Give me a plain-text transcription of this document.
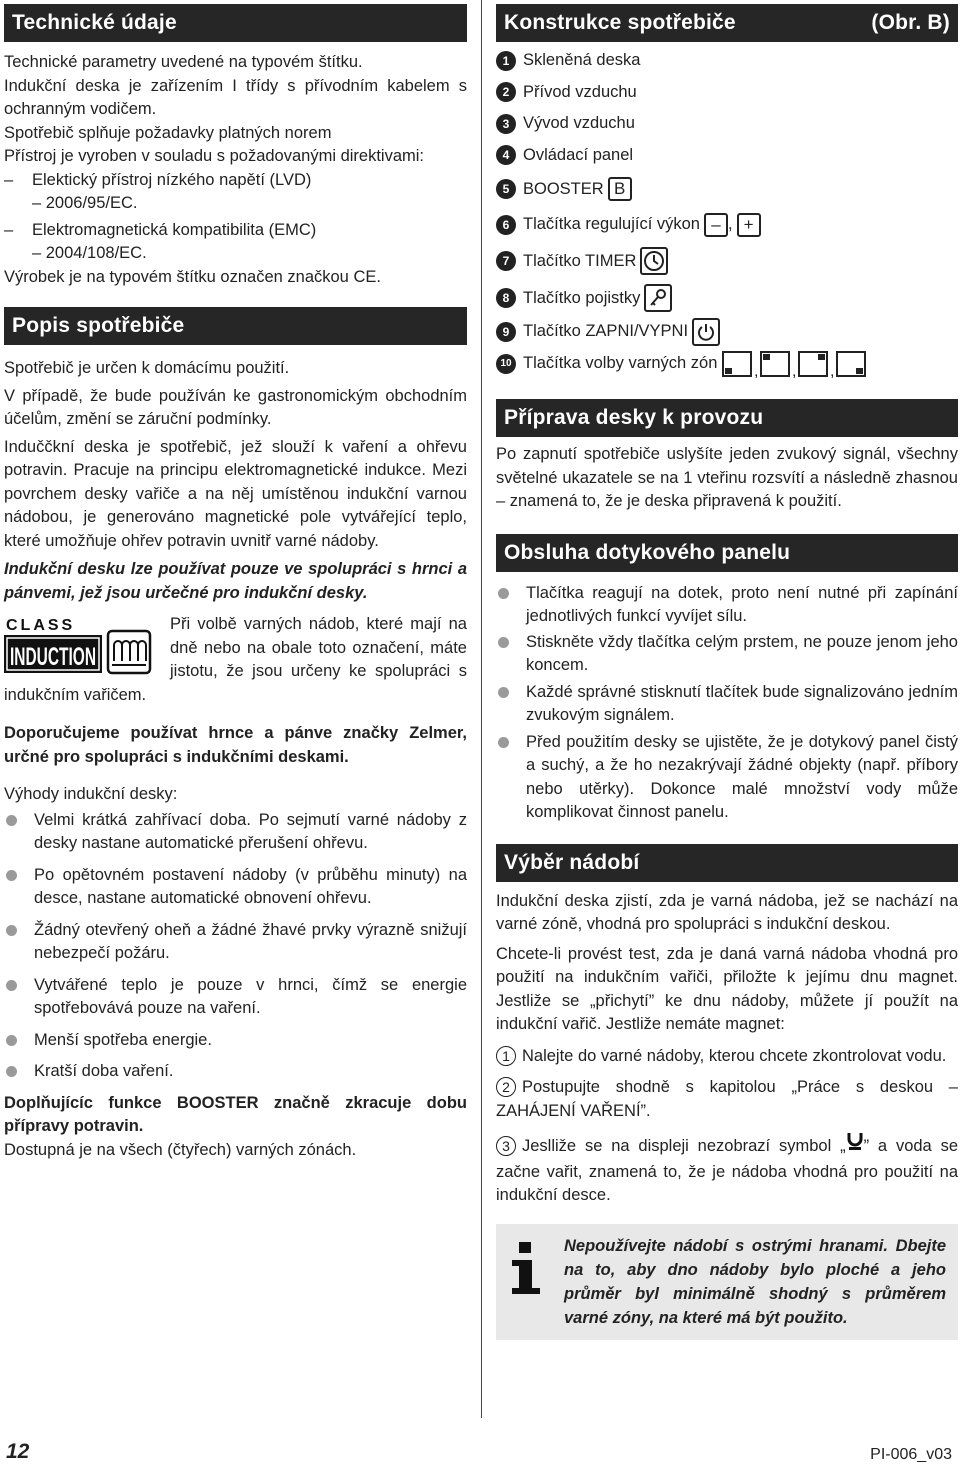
Technické údaje
Technické parametry uvedené na typovém štítku.

Indukční deska je zařízením I třídy s přívodním kabelem s ochranným vodičem.

Spotřebič splňuje požadavky platných norem
Přístroj je vyroben v souladu s požadovanými direktivami:
– Elektický přístroj nízkého napětí (LVD)
– 2006/95/EC.
– Elektromagnetická kompatibilita (EMC)
– 2004/108/EC.
Výrobek je na typovém štítku označen značkou CE.
Popis spotřebiče

Spotřebič je určen k domácímu použití.

V případě, že bude používán ke gastronomickým obchodním účelům, změní se záruční podmínky.

Induččkní deska je spotřebič, jež slouží k vaření a ohřevu potravin. Pracuje na principu elektromagnetické indukce. Mezi povrchem desky vařiče a na něj umístěnou indukční varnou nádobou, je generováno magnetické pole vytvářející teplo, které umožňuje ohřev potravin uvnitř varné nádoby.

Indukční desku lze používat pouze ve spolupráci s hrnci a pánvemi, jež jsou určečné pro indukční desky.

CLASS
INDUCTION

Při volbě varných nádob, které mají na dně nebo na obale toto označení, máte jistotu, že jsou určeny ke spolupráci s indukčním vařičem.

Doporučujeme používat hrnce a pánve značky Zelmer, určné pro spolupráci s indukčními deskami.

Výhody indukční desky:
Velmi krátká zahřívací doba. Po sejmutí varné nádoby z desky nastane automatické přerušení ohřevu.
Po opětovném postavení nádoby (v průběhu minuty) na desce, nastane automatické obnovení ohřevu.
Žádný otevřený oheň a žádné žhavé prvky výrazně snižují nebezpečí požáru.
Vytvářené teplo je pouze v hrnci, čímž se energie spotřebovává pouze na vaření.
Menší spotřeba energie.
Kratší doba vaření.

Doplňujícíc funkce BOOSTER značně zkracuje dobu přípravy potravin.

Dostupná je na všech (čtyřech) varných zónách.

Konstrukce spotřebiče	(Obr. B)
1 Skleněná deska
2 Přívod vzduchu
3 Vývod vzduchu
4 Ovládací panel
5 BOOSTER B
6 Tlačítka regulující výkon – , +
7 Tlačítko TIMER
8 Tlačítko pojistky
9 Tlačítko ZAPNI/VYPNI
10 Tlačítka volby varných zón , , ,
Příprava desky k provozu

Po zapnutí spotřebiče uslyšíte jeden zvukový signál, všechny světelné ukazatele se na 1 vteřinu rozsvítí a následně zhasnou – znamená to, že je deska připravená k použití.

Obsluha dotykového panelu
Tlačítka reagují na dotek, proto není nutné při zapínání jednotlivých funkcí vyvíjet sílu.
Stiskněte vždy tlačítka celým prstem, ne pouze jenom jeho koncem.
Každé správné stisknutí tlačítek bude signalizováno jedním zvukovým signálem.
Před použitím desky se ujistěte, že je dotykový panel čistý a suchý, a že ho nezakrývají žádné objekty (např. příbory nebo utěrky). Dokonce malé množství vody může komplikovat činnost panelu.
Výběr nádobí

Indukční deska zjistí, zda je varná nádoba, jež se nachází na varné zóně, vhodná pro spolupráci s indukční deskou.

Chcete-li provést test, zda je daná varná nádoba vhodná pro použití na indukčním vařiči, přiložte k jejímu dnu magnet. Jestliže se „přichytí” ke dnu nádoby, můžete jí použít na indukční vařič. Jestliže nemáte magnet:

1 Nalejte do varné nádoby, kterou chcete zkontrolovat vodu.

2 Postupujte shodně s kapitolou „Práce s deskou – ZAHÁJENÍ VAŘENÍ”.

3 Jeslliže se na displeji nezobrazí symbol „ ” a voda se začne vařit, znamená to, že je nádoba vhodná pro použití na indukční desce.

Nepoužívejte nádobí s ostrými hranami. Dbejte na to, aby dno nádoby bylo ploché a jeho průměr byl minimálně shodný s průměrem varné zóny, na které má být použito.

12	PI-006_v03
